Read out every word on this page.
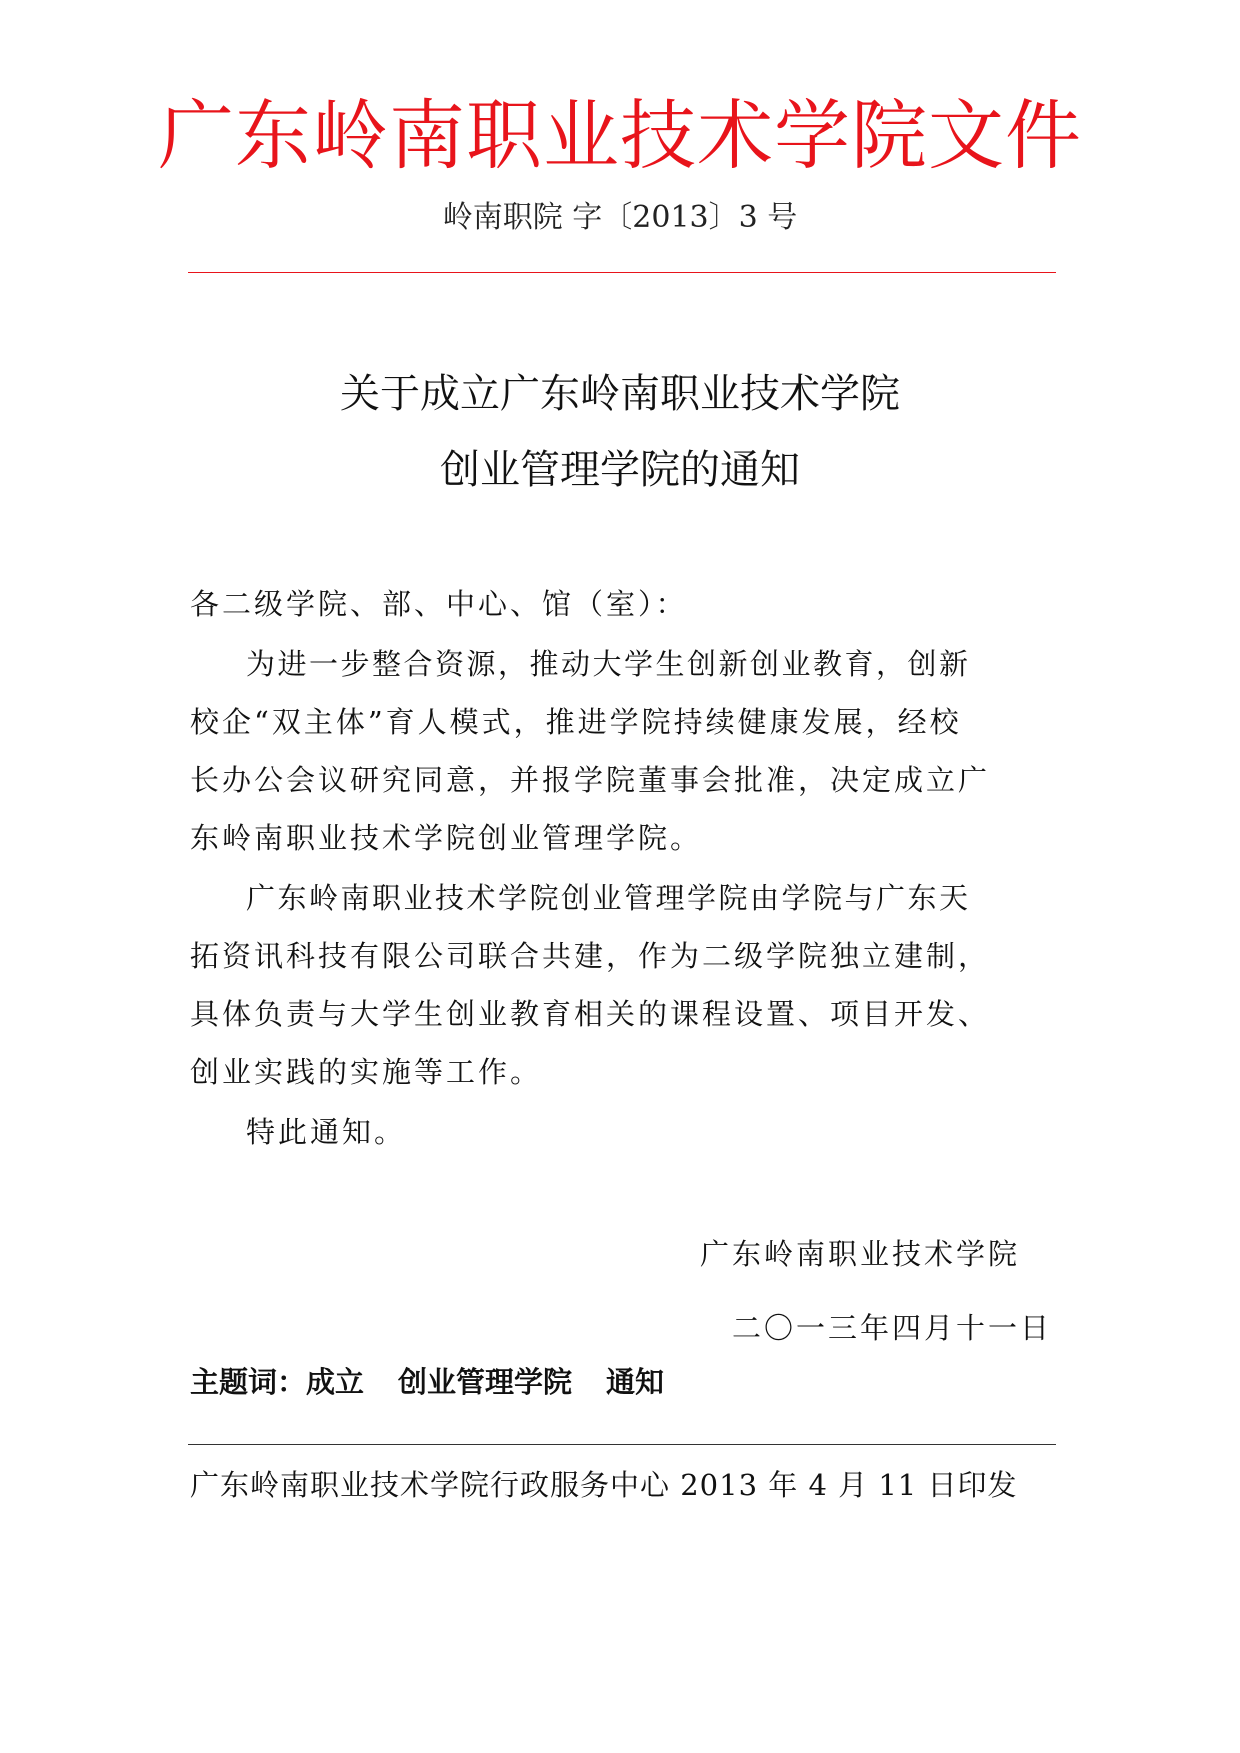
广东岭南职业技术学院文件
岭南职院 字〔2013〕3 号
关于成立广东岭南职业技术学院
创业管理学院的通知
各二级学院、部、中心、馆（室）：
为进一步整合资源，推动大学生创新创业教育，创新
校企“双主体”育人模式，推进学院持续健康发展，经校
长办公会议研究同意，并报学院董事会批准，决定成立广
东岭南职业技术学院创业管理学院。
广东岭南职业技术学院创业管理学院由学院与广东天
拓资讯科技有限公司联合共建，作为二级学院独立建制，
具体负责与大学生创业教育相关的课程设置、项目开发、
创业实践的实施等工作。
特此通知。
广东岭南职业技术学院
二〇一三年四月十一日
主题词：成立 创业管理学院 通知
广东岭南职业技术学院行政服务中心 2013 年 4 月 11 日印发
